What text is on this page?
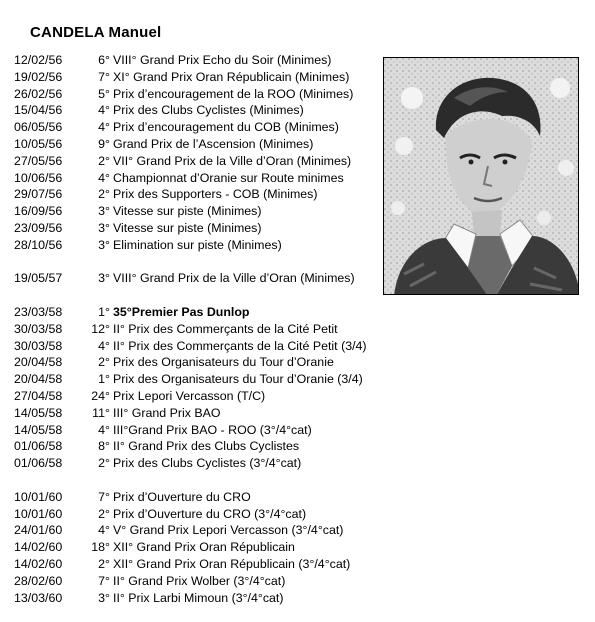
CANDELA Manuel
12/02/56	6° VIII° Grand Prix Echo du Soir (Minimes)
19/02/56	7° XI° Grand Prix Oran Républicain (Minimes)
26/02/56	5° Prix d’encouragement de la ROO (Minimes)
15/04/56	4° Prix des Clubs Cyclistes (Minimes)
06/05/56	4° Prix d’encouragement du COB (Minimes)
10/05/56	9° Grand Prix de l’Ascension (Minimes)
27/05/56	2° VII° Grand Prix de la Ville d’Oran (Minimes)
10/06/56	4° Championnat d’Oranie sur Route minimes
29/07/56	2° Prix des Supporters - COB (Minimes)
16/09/56	3° Vitesse sur piste (Minimes)
23/09/56	3° Vitesse sur piste (Minimes)
28/10/56	3° Elimination sur piste (Minimes)
19/05/57	3° VIII° Grand Prix de la Ville d’Oran (Minimes)
23/03/58	1° 35°Premier Pas Dunlop
30/03/58	12° II° Prix des Commerçants de la Cité Petit
30/03/58	4° II° Prix des Commerçants de la Cité Petit (3/4)
20/04/58	2° Prix des Organisateurs du Tour d’Oranie
20/04/58	1° Prix des Organisateurs du Tour d’Oranie (3/4)
27/04/58	24° Prix Lepori Vercasson (T/C)
14/05/58	11° III° Grand Prix BAO
14/05/58	4° III°Grand Prix BAO - ROO (3°/4°cat)
01/06/58	8° II° Grand Prix des Clubs Cyclistes
01/06/58	2° Prix des Clubs Cyclistes (3°/4°cat)
10/01/60	7° Prix d’Ouverture du CRO
10/01/60	2° Prix d’Ouverture du CRO (3°/4°cat)
24/01/60	4° V° Grand Prix Lepori Vercasson (3°/4°cat)
14/02/60	18° XII° Grand Prix Oran Républicain
14/02/60	2° XII° Grand Prix Oran Républicain (3°/4°cat)
28/02/60	7° II° Grand Prix Wolber (3°/4°cat)
13/03/60	3° II° Prix Larbi Mimoun (3°/4°cat)
